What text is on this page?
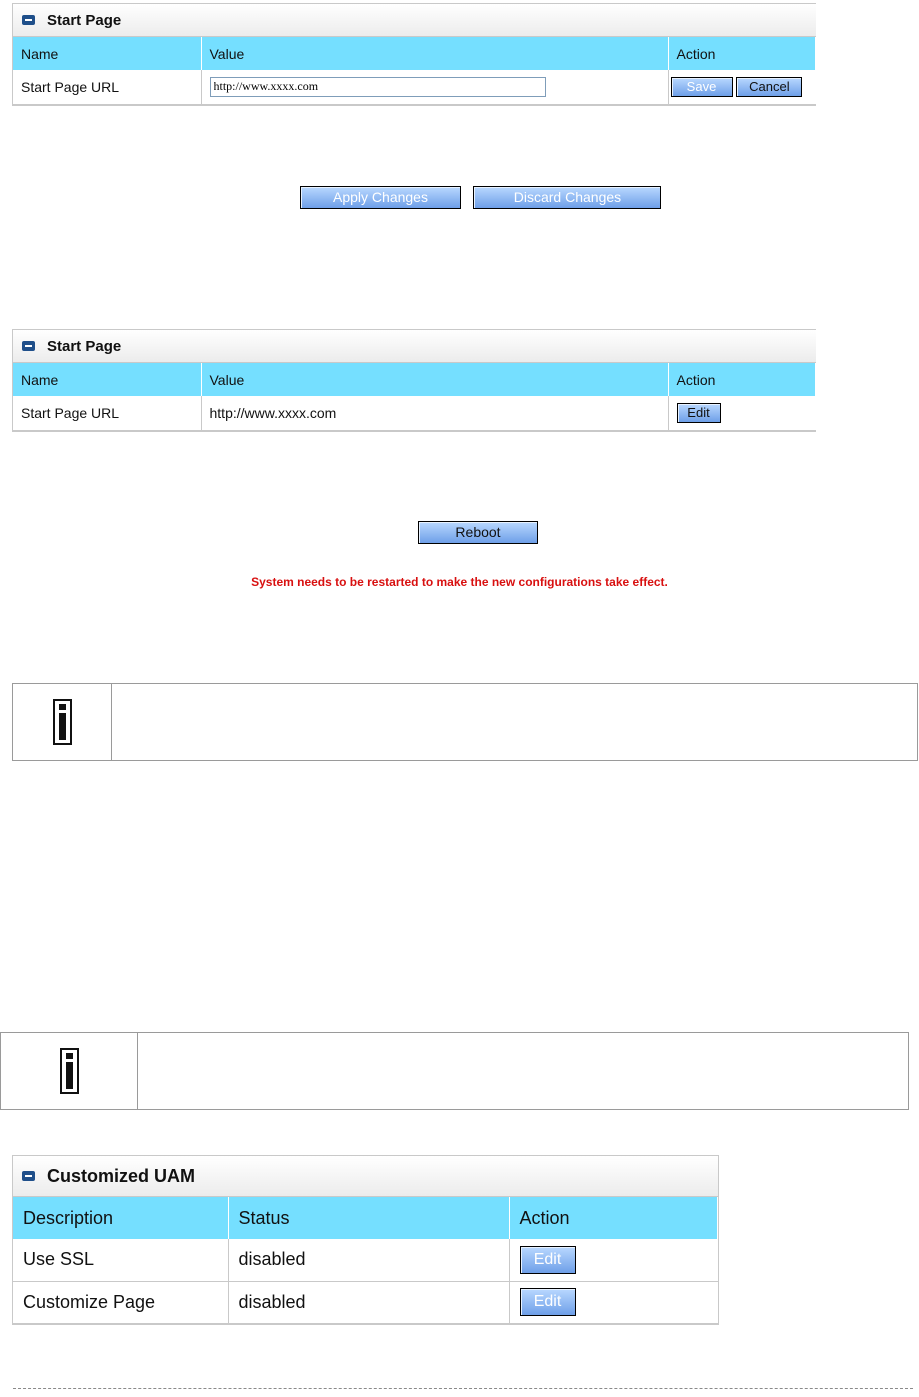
Start Page
Name	Value	Action
Start Page URL	http://www.xxxx.com	Save Cancel
Apply Changes	Discard Changes
Start Page
Name	Value	Action
Start Page URL	http://www.xxxx.com	Edit
Reboot
System needs to be restarted to make the new configurations take effect.
Customized UAM
Description	Status	Action
Use SSL	disabled	Edit
Customize Page	disabled	Edit
